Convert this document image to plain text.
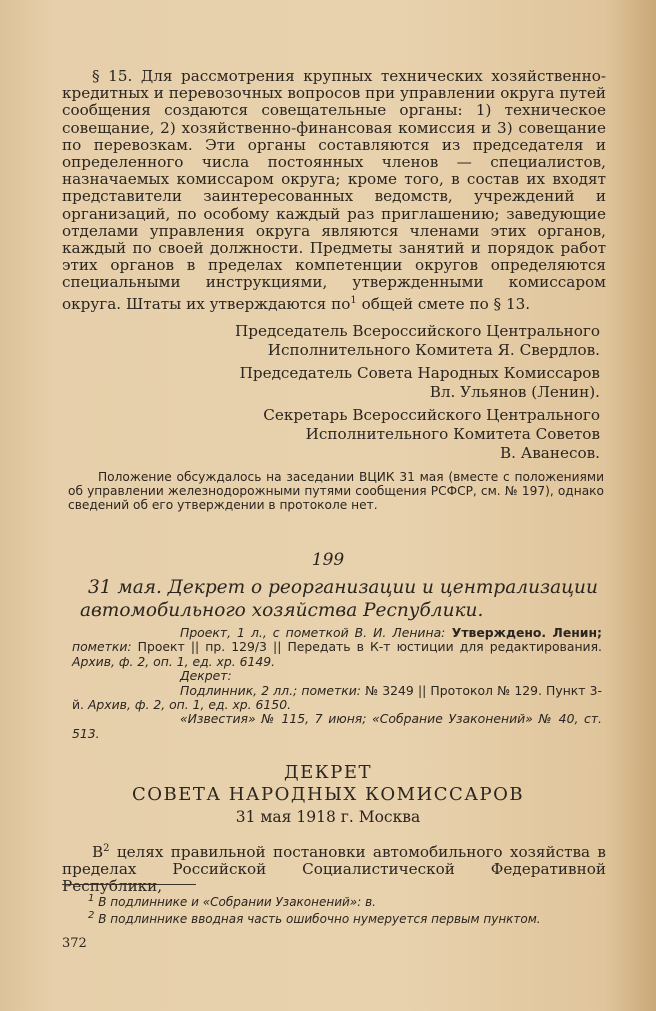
§ 15. Для рассмотрения крупных технических хозяйственно-кредитных и перевозочных вопросов при управлении округа путей сообщения создаются совещательные органы: 1) техническое совещание, 2) хозяйственно-финансовая комиссия и 3) совещание по перевозкам. Эти органы составляются из председателя и определенного числа постоянных членов — специалистов, назначаемых комиссаром округа; кроме того, в состав их входят представители заинтересованных ведомств, учреждений и организаций, по особому каждый раз приглашению; заведующие отделами управления округа являются членами этих органов, каждый по своей должности. Предметы занятий и порядок работ этих органов в пределах компетенции округов определяются специальными инструкциями, утвержденными комиссаром округа. Штаты их утверждаются $по^1$ общей смете по § 13.
Председатель Всероссийского Центрального
Исполнительного Комитета Я. Свердлов.
Председатель Совета Народных Комиссаров
Вл. Ульянов (Ленин).
Секретарь Всероссийского Центрального
Исполнительного Комитета Советов
В. Аванесов.
Положение обсуждалось на заседании ВЦИК 31 мая (вместе с положениями об управлении железнодорожными путями сообщения РСФСР, см. № 197), однако сведений об его утверждении в протоколе нет.
199
31 мая. Декрет о реорганизации и централизации автомобильного хозяйства Республики.
Проект, 1 л., с пометкой В. И. Ленина: Утверждено. Ленин; пометки: Проект || пр. 129/3 || Передать в К-т юстиции для редактирования. Архив, ф. 2, оп. 1, ед. хр. 6149.
Декрет:
Подлинник, 2 лл.; пометки: № 3249 || Протокол № 129. Пункт 3-й. Архив, ф. 2, оп. 1, ед. хр. 6150.
«Известия» № 115, 7 июня; «Собрание Узаконений» № 40, ст. 513.
ДЕКРЕТ
СОВЕТА НАРОДНЫХ КОМИССАРОВ
31 мая 1918 г. Москва
$В^2$ целях правильной постановки автомобильного хозяйства в пределах Российской Социалистической Федеративной Республики,
$^1$ В подлиннике и «Собрании Узаконений»: в.
$^2$ В подлиннике вводная часть ошибочно нумеруется первым пунктом.
372
